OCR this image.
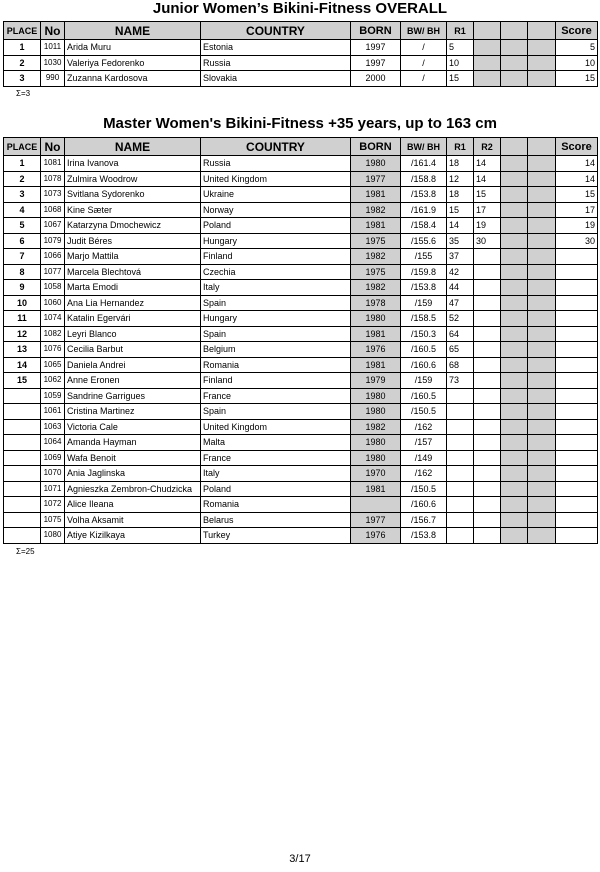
Junior Women’s Bikini-Fitness OVERALL
PLACE	No	NAME	COUNTRY	BORN	BW/ BH	R1				Score
1	1011	Arida Muru	Estonia	1997	/	5				5
2	1030	Valeriya Fedorenko	Russia	1997	/	10				10
3	990	Zuzanna Kardosova	Slovakia	2000	/	15				15

Σ=3

Master Women's Bikini-Fitness +35 years, up to 163 cm
PLACE	No	NAME	COUNTRY	BORN	BW/ BH	R1	R2			Score
1	1081	Irina Ivanova	Russia	1980	/161.4	18	14			14
2	1078	Zulmira Woodrow	United Kingdom	1977	/158.8	12	14			14
3	1073	Svitlana Sydorenko	Ukraine	1981	/153.8	18	15			15
4	1068	Kine Sæter	Norway	1982	/161.9	15	17			17
5	1067	Katarzyna Dmochewicz	Poland	1981	/158.4	14	19			19
6	1079	Judit Béres	Hungary	1975	/155.6	35	30			30
7	1066	Marjo Mattila	Finland	1982	/155	37				
8	1077	Marcela Blechtová	Czechia	1975	/159.8	42				
9	1058	Marta Emodi	Italy	1982	/153.8	44				
10	1060	Ana Lia Hernandez	Spain	1978	/159	47				
11	1074	Katalin Egervári	Hungary	1980	/158.5	52				
12	1082	Leyri Blanco	Spain	1981	/150.3	64				
13	1076	Cecilia Barbut	Belgium	1976	/160.5	65				
14	1065	Daniela Andrei	Romania	1981	/160.6	68				
15	1062	Anne Eronen	Finland	1979	/159	73				
	1059	Sandrine Garrigues	France	1980	/160.5					
	1061	Cristina Martinez	Spain	1980	/150.5					
	1063	Victoria Cale	United Kingdom	1982	/162					
	1064	Amanda Hayman	Malta	1980	/157					
	1069	Wafa Benoit	France	1980	/149					
	1070	Ania Jaglinska	Italy	1970	/162					
	1071	Agnieszka Zembron-Chudzicka	Poland	1981	/150.5					
	1072	Alice Ileana	Romania		/160.6					
	1075	Volha Aksamit	Belarus	1977	/156.7					
	1080	Atiye Kizilkaya	Turkey	1976	/153.8					

Σ=25

3/17
